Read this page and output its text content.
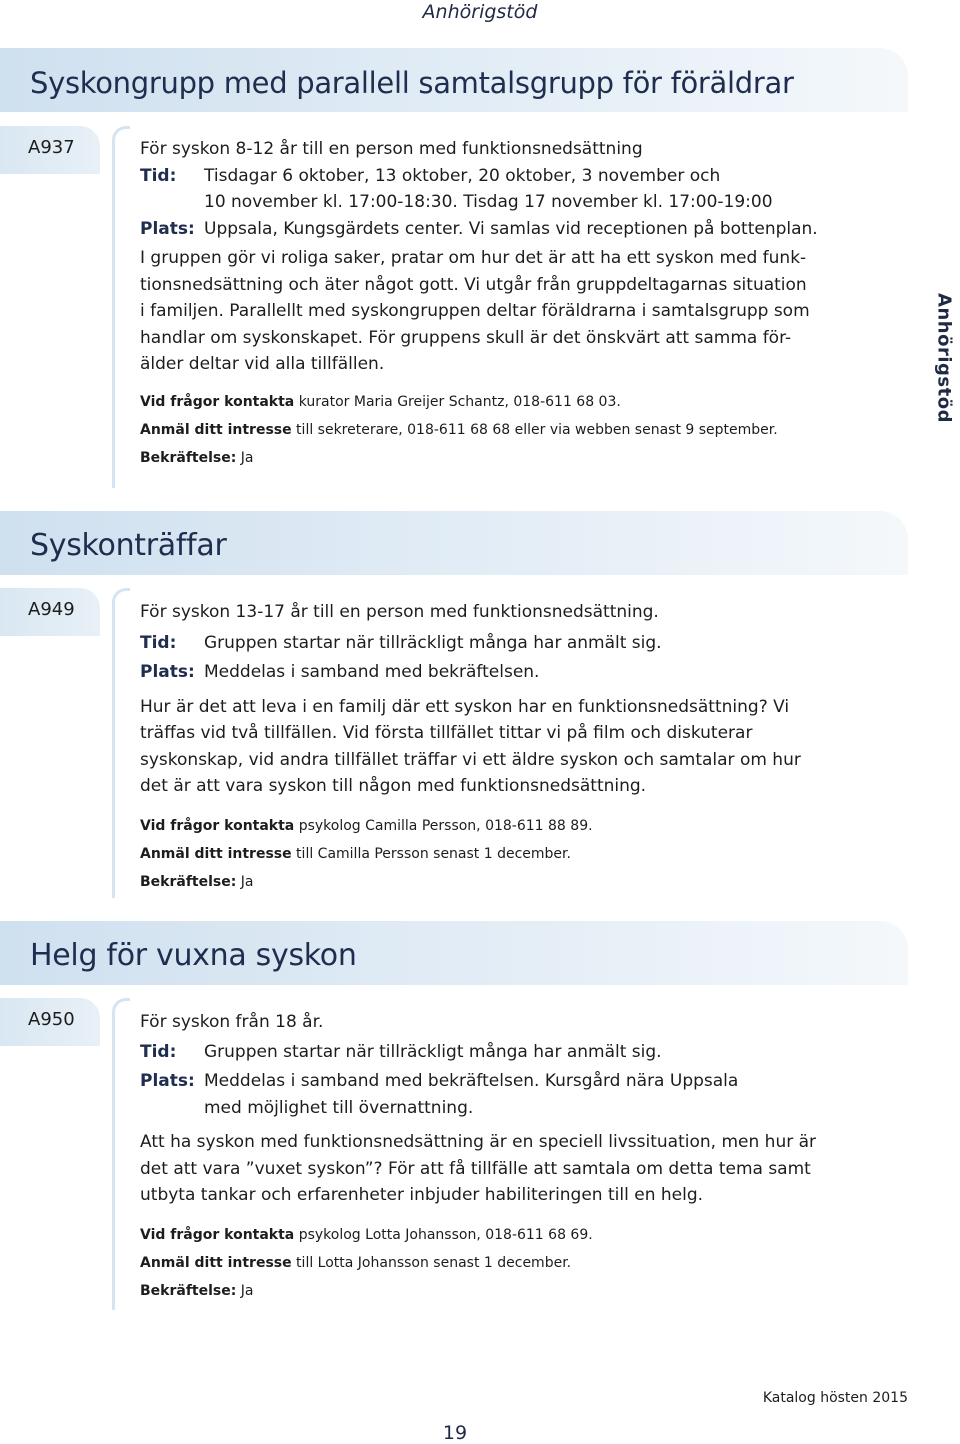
Anhörigstöd
Syskongrupp med parallell samtalsgrupp för föräldrar
A937	För syskon 8-12 år till en person med funktionsnedsättning
Tid:	Tisdagar 6 oktober, 13 oktober, 20 oktober, 3 november och
10 november kl. 17:00-18:30. Tisdag 17 november kl. 17:00-19:00
Plats: Uppsala, Kungsgärdets center. Vi samlas vid receptionen på bottenplan.
I gruppen gör vi roliga saker, pratar om hur det är att ha ett syskon med funk-
tionsnedsättning och äter något gott. Vi utgår från gruppdeltagarnas situation
i familjen. Parallellt med syskongruppen deltar föräldrarna i samtalsgrupp som
handlar om syskonskapet. För gruppens skull är det önskvärt att samma för-
älder deltar vid alla tillfällen.
Vid frågor kontakta kurator Maria Greijer Schantz, 018-611 68 03.
Anmäl ditt intresse till sekreterare, 018-611 68 68 eller via webben senast 9 september.
Bekräftelse: Ja
Anhörigstöd
Syskonträffar
A949	För syskon 13-17 år till en person med funktionsnedsättning.
Tid:	Gruppen startar när tillräckligt många har anmält sig.
Plats: Meddelas i samband med bekräftelsen.
Hur är det att leva i en familj där ett syskon har en funktionsnedsättning? Vi
träffas vid två tillfällen. Vid första tillfället tittar vi på film och diskuterar
syskonskap, vid andra tillfället träffar vi ett äldre syskon och samtalar om hur
det är att vara syskon till någon med funktionsnedsättning.
Vid frågor kontakta psykolog Camilla Persson, 018-611 88 89.
Anmäl ditt intresse till Camilla Persson senast 1 december.
Bekräftelse: Ja
Helg för vuxna syskon
A950	För syskon från 18 år.
Tid:	Gruppen startar när tillräckligt många har anmält sig.
Plats: Meddelas i samband med bekräftelsen. Kursgård nära Uppsala
med möjlighet till övernattning.
Att ha syskon med funktionsnedsättning är en speciell livssituation, men hur är
det att vara ”vuxet syskon”? För att få tillfälle att samtala om detta tema samt
utbyta tankar och erfarenheter inbjuder habiliteringen till en helg.
Vid frågor kontakta psykolog Lotta Johansson, 018-611 68 69.
Anmäl ditt intresse till Lotta Johansson senast 1 december.
Bekräftelse: Ja
Katalog hösten 2015
19
